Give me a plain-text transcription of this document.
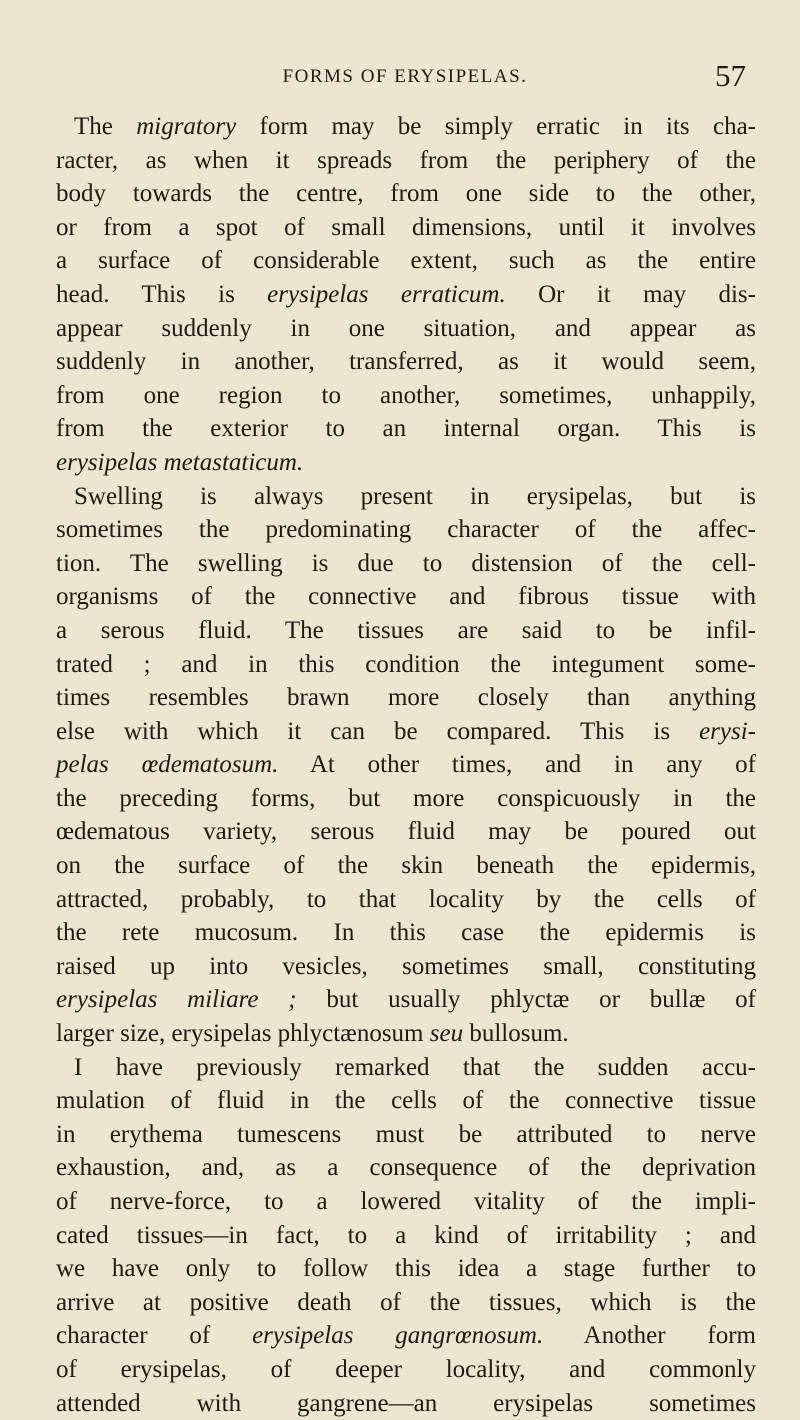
FORMS OF ERYSIPELAS.	57
The migratory form may be simply erratic in its cha-
racter, as when it spreads from the periphery of the
body towards the centre, from one side to the other,
or from a spot of small dimensions, until it involves
a surface of considerable extent, such as the entire
head. This is erysipelas erraticum. Or it may dis-
appear suddenly in one situation, and appear as
suddenly in another, transferred, as it would seem,
from one region to another, sometimes, unhappily,
from the exterior to an internal organ. This is
erysipelas metastaticum.
Swelling is always present in erysipelas, but is
sometimes the predominating character of the affec-
tion. The swelling is due to distension of the cell-
organisms of the connective and fibrous tissue with
a serous fluid. The tissues are said to be infil-
trated ; and in this condition the integument some-
times resembles brawn more closely than anything
else with which it can be compared. This is erysi-
pelas œdematosum. At other times, and in any of
the preceding forms, but more conspicuously in the
œdematous variety, serous fluid may be poured out
on the surface of the skin beneath the epidermis,
attracted, probably, to that locality by the cells of
the rete mucosum. In this case the epidermis is
raised up into vesicles, sometimes small, constituting
erysipelas miliare ; but usually phlyctæ or bullæ of
larger size, erysipelas phlyctænosum seu bullosum.
I have previously remarked that the sudden accu-
mulation of fluid in the cells of the connective tissue
in erythema tumescens must be attributed to nerve
exhaustion, and, as a consequence of the deprivation
of nerve-force, to a lowered vitality of the impli-
cated tissues—in fact, to a kind of irritability ; and
we have only to follow this idea a stage further to
arrive at positive death of the tissues, which is the
character of erysipelas gangrœnosum. Another form
of erysipelas, of deeper locality, and commonly
attended with gangrene—an erysipelas sometimes
